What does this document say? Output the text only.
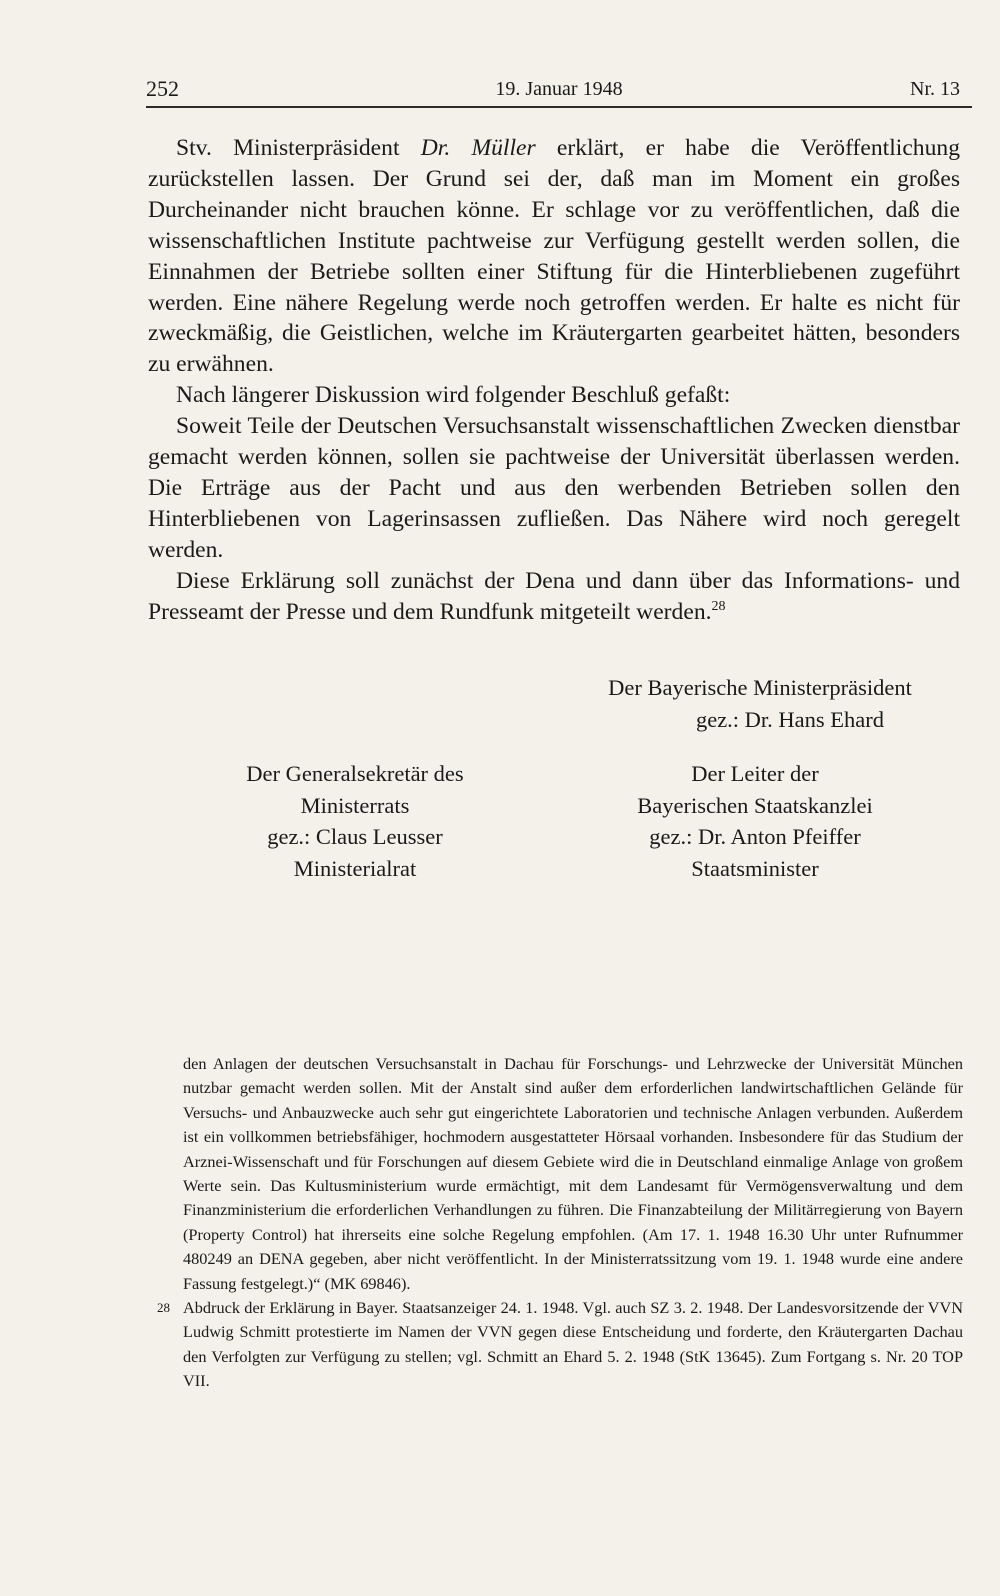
252	19. Januar 1948	Nr. 13

Stv. Ministerpräsident Dr. Müller erklärt, er habe die Veröffentlichung zurückstellen lassen. Der Grund sei der, daß man im Moment ein großes Durcheinander nicht brauchen könne. Er schlage vor zu veröffentlichen, daß die wissenschaftlichen Institute pachtweise zur Verfügung gestellt werden sollen, die Einnahmen der Betriebe sollten einer Stiftung für die Hinterbliebenen zugeführt werden. Eine nähere Regelung werde noch getroffen werden. Er halte es nicht für zweckmäßig, die Geistlichen, welche im Kräutergarten gearbeitet hätten, besonders zu erwähnen.

Nach längerer Diskussion wird folgender Beschluß gefaßt:

Soweit Teile der Deutschen Versuchsanstalt wissenschaftlichen Zwecken dienstbar gemacht werden können, sollen sie pachtweise der Universität überlassen werden. Die Erträge aus der Pacht und aus den werbenden Betrieben sollen den Hinterbliebenen von Lagerinsassen zufließen. Das Nähere wird noch geregelt werden.

Diese Erklärung soll zunächst der Dena und dann über das Informations- und Presseamt der Presse und dem Rundfunk mitgeteilt werden.$^{28}$

Der Bayerische Ministerpräsident
gez.: Dr. Hans Ehard
Der Generalsekretär des
Ministerrats
gez.: Claus Leusser
Ministerialrat
Der Leiter der
Bayerischen Staatskanzlei
gez.: Dr. Anton Pfeiffer
Staatsminister

den Anlagen der deutschen Versuchsanstalt in Dachau für Forschungs- und Lehrzwecke der Universität München nutzbar gemacht werden sollen. Mit der Anstalt sind außer dem erforderlichen landwirtschaftlichen Gelände für Versuchs- und Anbauzwecke auch sehr gut eingerichtete Laboratorien und technische Anlagen verbunden. Außerdem ist ein vollkommen betriebsfähiger, hochmodern ausgestatteter Hörsaal vorhanden. Insbesondere für das Studium der Arznei-Wissenschaft und für Forschungen auf diesem Gebiete wird die in Deutschland einmalige Anlage von großem Werte sein. Das Kultusministerium wurde ermächtigt, mit dem Landesamt für Vermögensverwaltung und dem Finanzministerium die erforderlichen Verhandlungen zu führen. Die Finanzabteilung der Militärregierung von Bayern (Property Control) hat ihrerseits eine solche Regelung empfohlen. (Am 17. 1. 1948 16.30 Uhr unter Rufnummer 480249 an DENA gegeben, aber nicht veröffentlicht. In der Ministerratssitzung vom 19. 1. 1948 wurde eine andere Fassung festgelegt.)“ (MK 69846).

28 Abdruck der Erklärung in Bayer. Staatsanzeiger 24. 1. 1948. Vgl. auch SZ 3. 2. 1948. Der Landesvorsitzende der VVN Ludwig Schmitt protestierte im Namen der VVN gegen diese Entscheidung und forderte, den Kräutergarten Dachau den Verfolgten zur Verfügung zu stellen; vgl. Schmitt an Ehard 5. 2. 1948 (StK 13645). Zum Fortgang s. Nr. 20 TOP VII.
